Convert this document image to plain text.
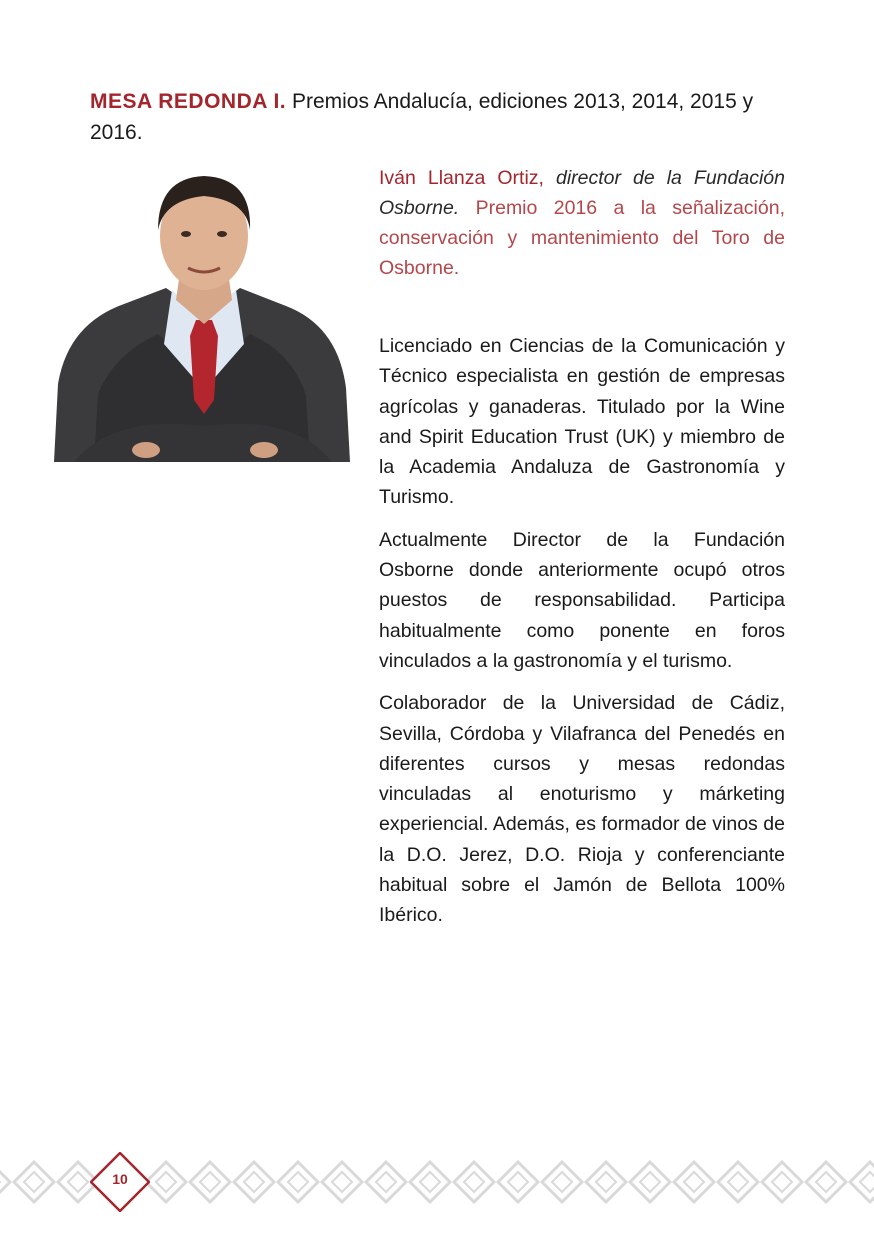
MESA REDONDA I. Premios Andalucía, ediciones 2013, 2014, 2015 y 2016.
Iván Llanza Ortiz, director de la Fundación Osborne. Premio 2016 a la señalización, conservación y mantenimiento del Toro de Osborne.

Licenciado en Ciencias de la Comunicación y Técnico especialista en gestión de empresas agrícolas y ganaderas. Titulado por la Wine and Spirit Education Trust (UK) y miembro de la Academia Andaluza de Gastronomía y Turismo.

Actualmente Director de la Fundación Osborne donde anteriormente ocupó otros puestos de responsabilidad. Participa habitualmente como ponente en foros vinculados a la gastronomía y el turismo.

Colaborador de la Universidad de Cádiz, Sevilla, Córdoba y Vilafranca del Penedés en diferentes cursos y mesas redondas vinculadas al enoturismo y márketing experiencial. Además, es formador de vinos de la D.O. Jerez, D.O. Rioja y conferenciante habitual sobre el Jamón de Bellota 100% Ibérico.

10
